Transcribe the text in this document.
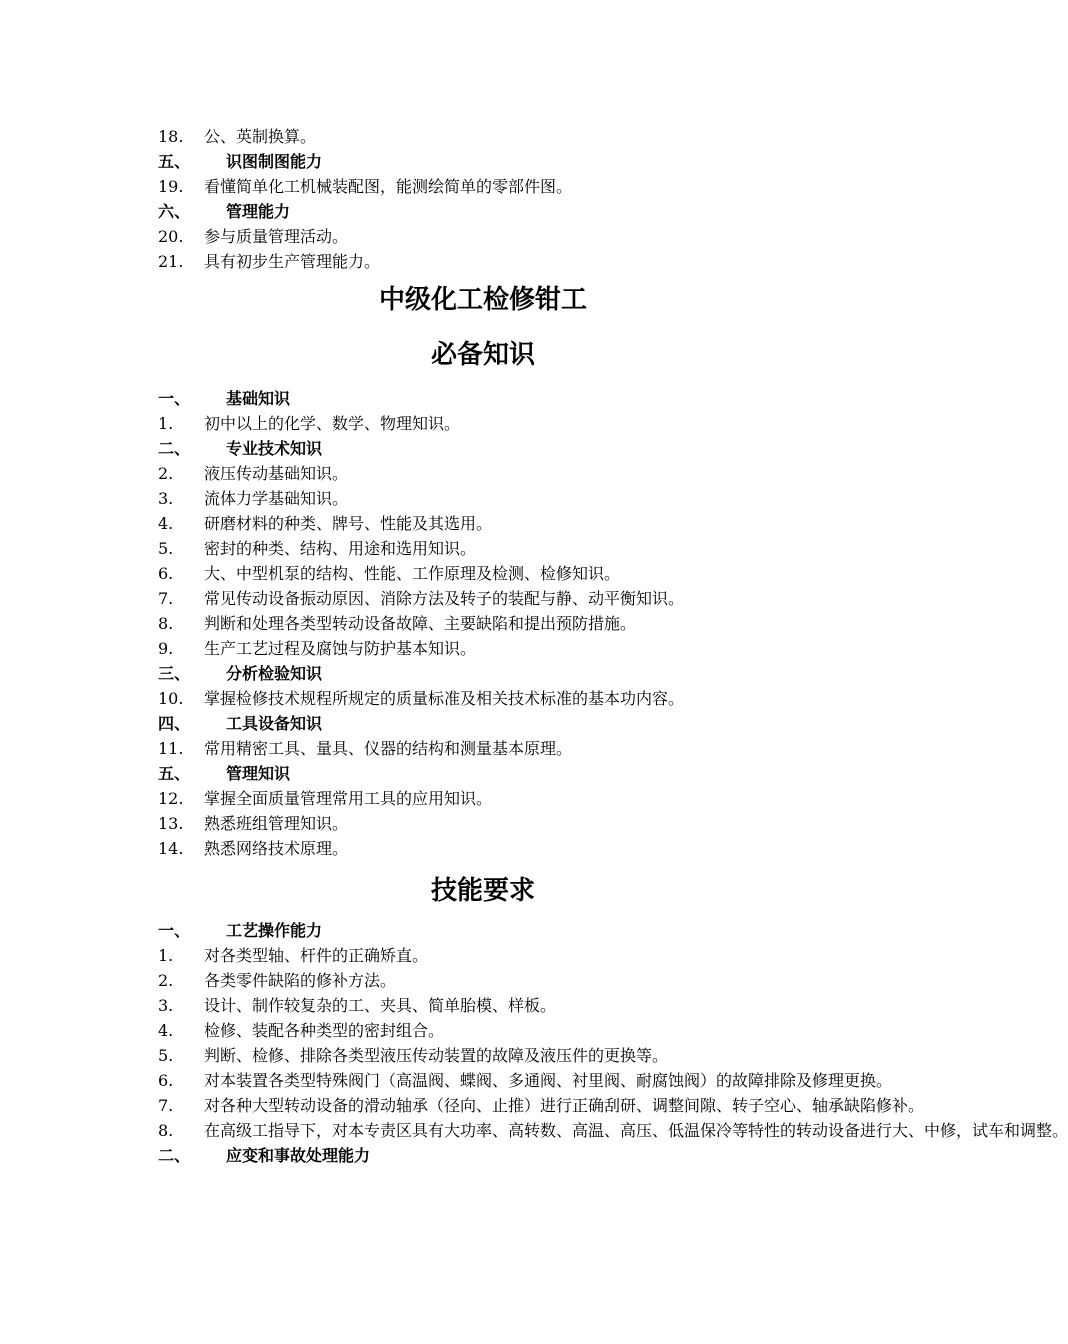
18.	公、英制换算。
五、	识图制图能力
19.	看懂简单化工机械装配图，能测绘简单的零部件图。
六、	管理能力
20.	参与质量管理活动。
21.	具有初步生产管理能力。
中级化工检修钳工
必备知识
一、	基础知识
1.	初中以上的化学、数学、物理知识。
二、	专业技术知识
2.	液压传动基础知识。
3.	流体力学基础知识。
4.	研磨材料的种类、牌号、性能及其选用。
5.	密封的种类、结构、用途和选用知识。
6.	大、中型机泵的结构、性能、工作原理及检测、检修知识。
7.	常见传动设备振动原因、消除方法及转子的装配与静、动平衡知识。
8.	判断和处理各类型转动设备故障、主要缺陷和提出预防措施。
9.	生产工艺过程及腐蚀与防护基本知识。
三、	分析检验知识
10.	掌握检修技术规程所规定的质量标准及相关技术标准的基本功内容。
四、	工具设备知识
11.	常用精密工具、量具、仪器的结构和测量基本原理。
五、	管理知识
12.	掌握全面质量管理常用工具的应用知识。
13.	熟悉班组管理知识。
14.	熟悉网络技术原理。
技能要求
一、	工艺操作能力
1.	对各类型轴、杆件的正确矫直。
2.	各类零件缺陷的修补方法。
3.	设计、制作较复杂的工、夹具、简单胎模、样板。
4.	检修、装配各种类型的密封组合。
5.	判断、检修、排除各类型液压传动装置的故障及液压件的更换等。
6.	对本装置各类型特殊阀门（高温阀、蝶阀、多通阀、衬里阀、耐腐蚀阀）的故障排除及修理更换。
7.	对各种大型转动设备的滑动轴承（径向、止推）进行正确刮研、调整间隙、转子空心、轴承缺陷修补。
8.	在高级工指导下，对本专责区具有大功率、高转数、高温、高压、低温保冷等特性的转动设备进行大、中修，试车和调整。
二、	应变和事故处理能力
